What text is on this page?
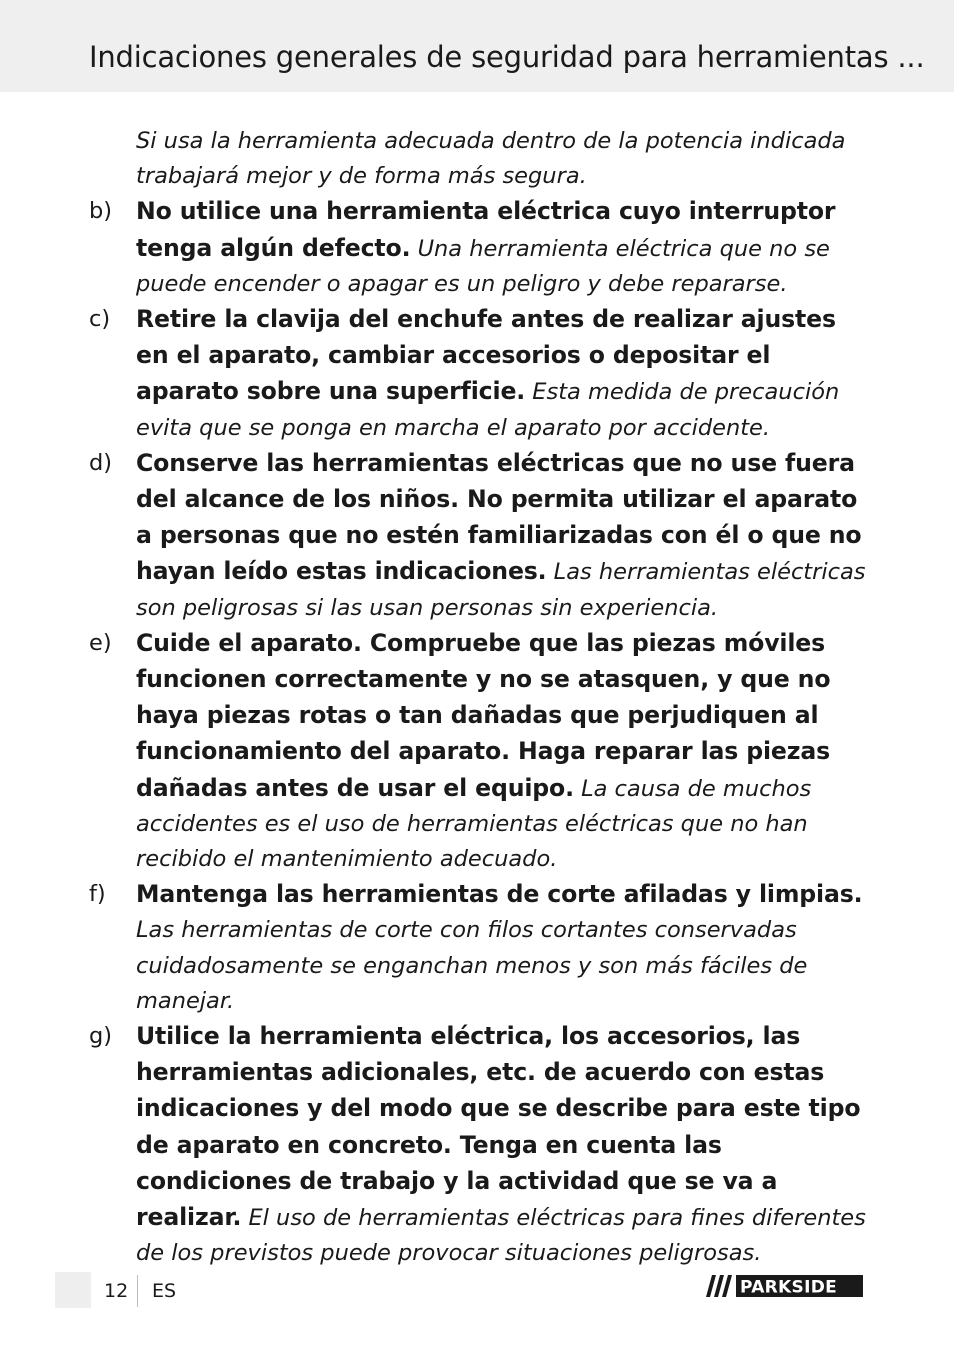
Indicaciones generales de seguridad para herramientas ...

Si usa la herramienta adecuada dentro de la potencia indicada trabajará mejor y de forma más segura.

b) No utilice una herramienta eléctrica cuyo interruptor tenga algún defecto. Una herramienta eléctrica que no se puede encender o apagar es un peligro y debe repararse.
c) Retire la clavija del enchufe antes de realizar ajustes en el aparato, cambiar accesorios o depositar el aparato sobre una superficie. Esta medida de precaución evita que se ponga en marcha el aparato por accidente.
d) Conserve las herramientas eléctricas que no use fuera del alcance de los niños. No permita utilizar el aparato a personas que no estén familiarizadas con él o que no hayan leído estas indicaciones. Las herramientas eléctricas son peligrosas si las usan personas sin experiencia.
e) Cuide el aparato. Compruebe que las piezas móviles funcionen correctamente y no se atasquen, y que no haya piezas rotas o tan dañadas que perjudiquen al funcionamiento del aparato. Haga reparar las piezas dañadas antes de usar el equipo. La causa de muchos accidentes es el uso de herramientas eléctricas que no han recibido el mantenimiento adecuado.
f) Mantenga las herramientas de corte afiladas y limpias. Las herramientas de corte con filos cortantes conservadas cuidadosamente se enganchan menos y son más fáciles de manejar.
g) Utilice la herramienta eléctrica, los accesorios, las herramientas adicionales, etc. de acuerdo con estas indicaciones y del modo que se describe para este tipo de aparato en concreto. Tenga en cuenta las condiciones de trabajo y la actividad que se va a realizar. El uso de herramientas eléctricas para fines diferentes de los previstos puede provocar situaciones peligrosas.
12 ES	PARKSIDE
